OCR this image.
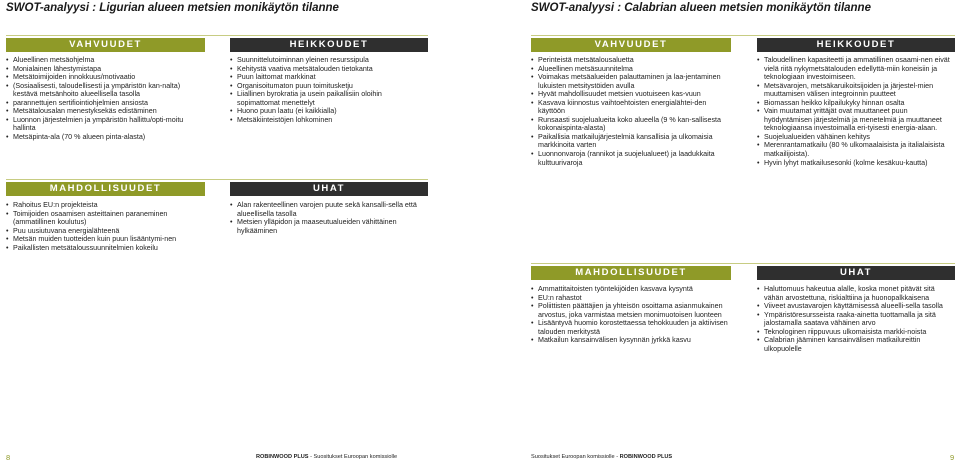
SWOT-analyysi : Ligurian alueen metsien monikäytön tilanne	SWOT-analyysi : Calabrian alueen metsien monikäytön tilanne
VAHVUUDET	HEIKKOUDET
• Alueellinen metsäohjelma
• Monialainen lähestymistapa
• Metsätoimijoiden innokkuus/motivaatio
• (Sosiaalisesti, taloudellisesti ja ympäristön kan-nalta) kestävä metsänhoito alueellisella tasolla
• parannettujen sertifiointiohjelmien ansiosta
• Metsätalousalan menestyksekäs edistäminen
• Luonnon järjestelmien ja ympäristön hallittu/opti-moitu hallinta
• Metsäpinta-ala (70 % alueen pinta-alasta)
• Suunnittelutoiminnan yleinen resurssipula
• Kehitystä vaativa metsätalouden tietokanta
• Puun laittomat markkinat
• Organisoitumaton puun toimitusketju
• Liiallinen byrokratia ja usein paikallisiin oloihin sopimattomat menettelyt
• Huono puun laatu (ei kaikkialla)
• Metsäkiinteistöjen lohkominen
MAHDOLLISUUDET	UHAT
• Rahoitus EU:n projekteista
• Toimijoiden osaamisen asteittainen paraneminen (ammatillinen koulutus)
• Puu uusiutuvana energialähteenä
• Metsän muiden tuotteiden kuin puun lisääntymi-nen
• Paikallisten metsätaloussuunnitelmien kokeilu
• Alan rakenteellinen varojen puute sekä kansalli-sella että alueellisella tasolla
• Metsien ylläpidon ja maaseutualueiden vähittäinen hylkääminen
VAHVUUDET	HEIKKOUDET
• Perinteistä metsätalousaluetta
• Alueellinen metsäsuunnitelma
• Voimakas metsäalueiden palauttaminen ja laa-jentaminen lukuisten metsitystöiden avulla
• Hyvät mahdollisuudet metsien vuotuiseen kas-vuun
• Kasvava kiinnostus vaihtoehtoisten energialähtei-den käyttöön
• Runsaasti suojelualueita koko alueella (9 % kan-sallisesta kokonaispinta-alasta)
• Paikallisia matkailujärjestelmiä kansallisia ja ulkomaisia markkinoita varten
• Luonnonvaroja (rannikot ja suojelualueet) ja laadukkaita kulttuurivaroja
• Taloudellinen kapasiteetti ja ammatillinen osaami-nen eivät vielä riitä nykymetsätalouden edellyttä-miin koneisiin ja teknologiaan investoimiseen.
• Metsävarojen, metsäkaruikoitsijoiden ja järjestel-mien muuttamisen välisen integroinnin puutteet
• Biomassan heikko kilpailukyky hinnan osalta
• Vain muutamat yrittäjät ovat muuttaneet puun hyödyntämisen järjestelmiä ja menetelmiä ja muuttaneet teknologiaansa investoimalla eri-tyisesti energia-alaan.
• Suojelualueiden vähäinen kehitys
• Merenrantamatkailu (80 % ulkomaalaisista ja italialaisista matkailijoista).
• Hyvin lyhyt matkailusesonki (kolme kesäkuu-kautta)
MAHDOLLISUUDET	UHAT
• Ammattitaitoisten työntekijöiden kasvava kysyntä
• EU:n rahastot
• Poliittisten päättäjien ja yhteisön osoittama asianmukainen arvostus, joka varmistaa metsien monimuotoisen luonteen
• Lisääntyvä huomio korostettaessa tehokkuuden ja aktiivisen talouden merkitystä
• Matkailun kansainvälisen kysynnän jyrkkä kasvu
• Haluttomuus hakeutua alalle, koska monet pitävät sitä vähän arvostettuna, riskialttiina ja huonopalkkaisena
• Viiveet avustavarojen käyttämisessä alueelli-sella tasolla
• Ympäristöresursseista raaka-ainetta tuottamalla ja sitä jalostamalla saatava vähäinen arvo
• Teknologinen riippuvuus ulkomaisista markki-noista
• Calabrian jääminen kansainvälisen matkailureittin ulkopuolelle
8	ROBINWOOD PLUS - Suositukset Euroopan komissiolle	Suositukset Euroopan komissiolle - ROBINWOOD PLUS	9
